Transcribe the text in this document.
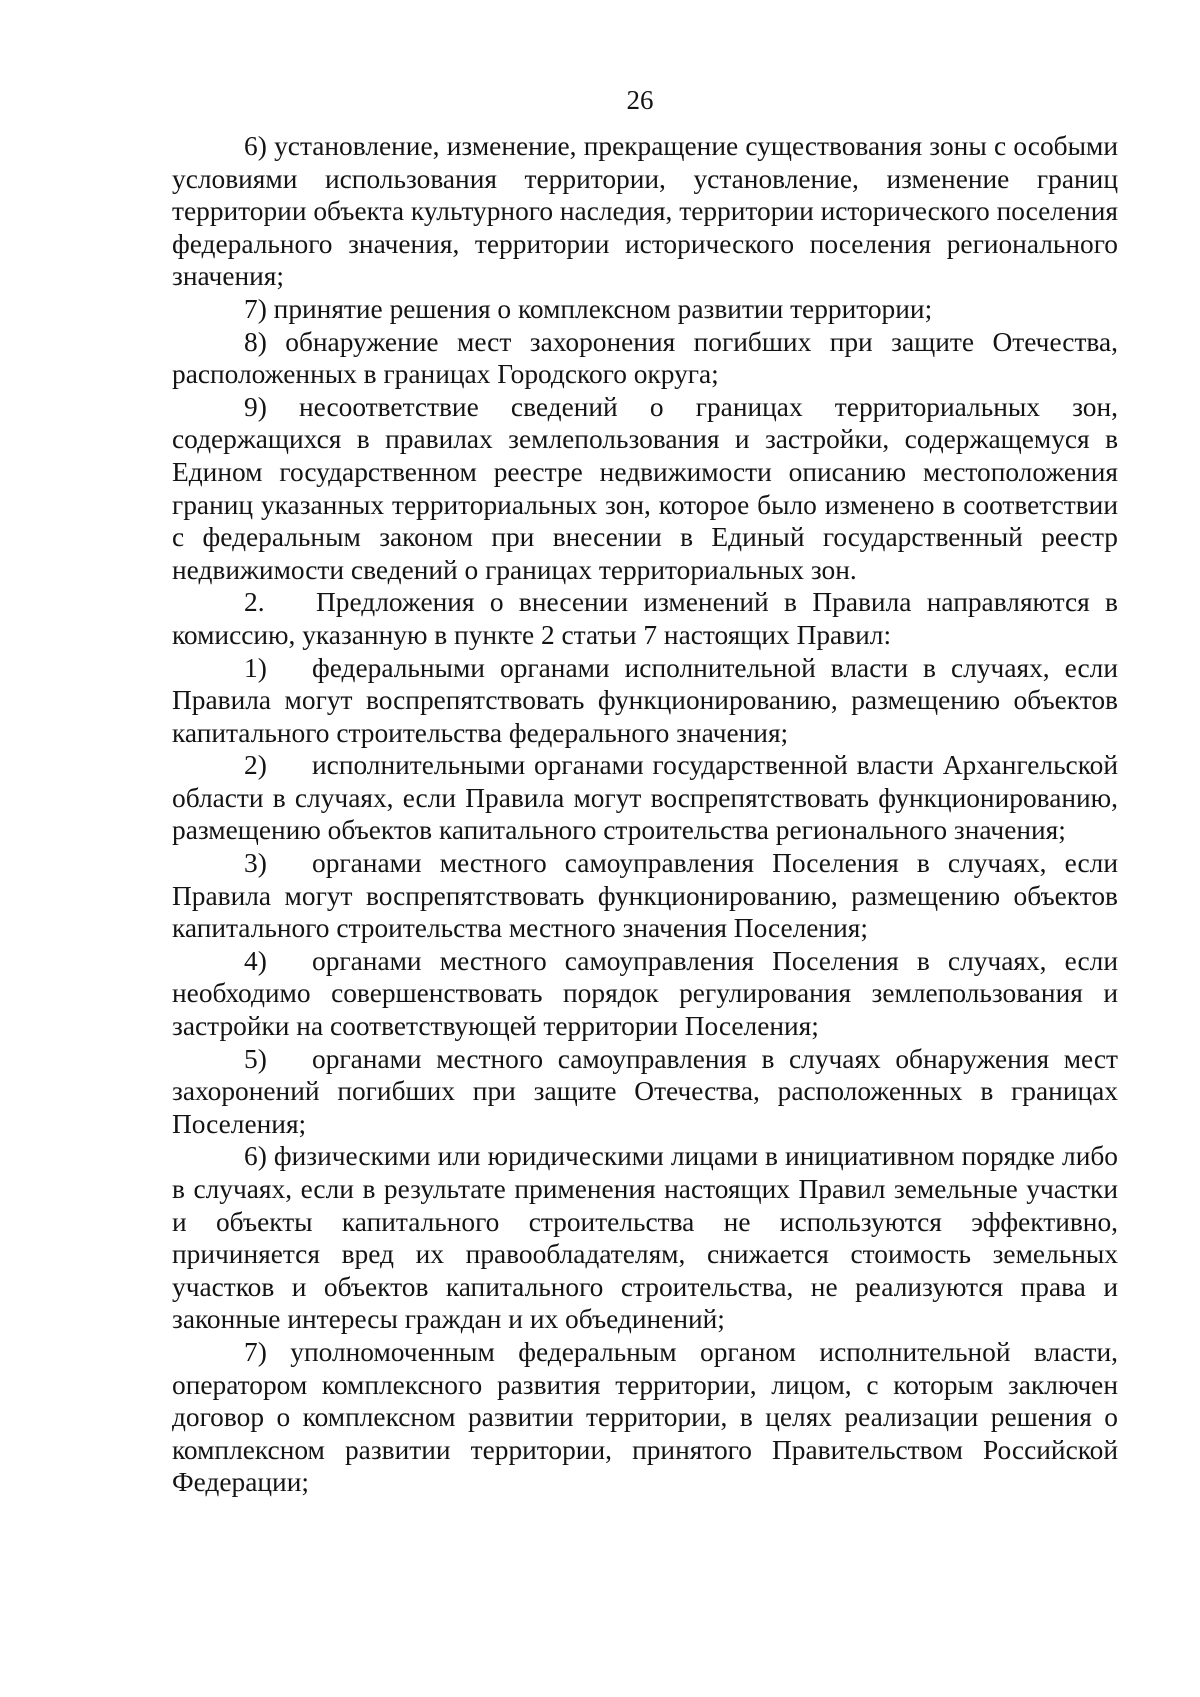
26

6) установление, изменение, прекращение существования зоны с особыми условиями использования территории, установление, изменение границ территории объекта культурного наследия, территории исторического поселения федерального значения, территории исторического поселения регионального значения;

7) принятие решения о комплексном развитии территории;

8) обнаружение мест захоронения погибших при защите Отечества, расположенных в границах Городского округа;

9) несоответствие сведений о границах территориальных зон, содержащихся в правилах землепользования и застройки, содержащемуся в Едином государственном реестре недвижимости описанию местоположения границ указанных территориальных зон, которое было изменено в соответствии с федеральным законом при внесении в Единый государственный реестр недвижимости сведений о границах территориальных зон.

2. Предложения о внесении изменений в Правила направляются в комиссию, указанную в пункте 2 статьи 7 настоящих Правил:

1) федеральными органами исполнительной власти в случаях, если Правила могут воспрепятствовать функционированию, размещению объектов капитального строительства федерального значения;

2) исполнительными органами государственной власти Архангельской области в случаях, если Правила могут воспрепятствовать функционированию, размещению объектов капитального строительства регионального значения;

3) органами местного самоуправления Поселения в случаях, если Правила могут воспрепятствовать функционированию, размещению объектов капитального строительства местного значения Поселения;

4) органами местного самоуправления Поселения в случаях, если необходимо совершенствовать порядок регулирования землепользования и застройки на соответствующей территории Поселения;

5) органами местного самоуправления в случаях обнаружения мест захоронений погибших при защите Отечества, расположенных в границах Поселения;

6) физическими или юридическими лицами в инициативном порядке либо в случаях, если в результате применения настоящих Правил земельные участки и объекты капитального строительства не используются эффективно, причиняется вред их правообладателям, снижается стоимость земельных участков и объектов капитального строительства, не реализуются права и законные интересы граждан и их объединений;

7) уполномоченным федеральным органом исполнительной власти, оператором комплексного развития территории, лицом, с которым заключен договор о комплексном развитии территории, в целях реализации решения о комплексном развитии территории, принятого Правительством Российской Федерации;
